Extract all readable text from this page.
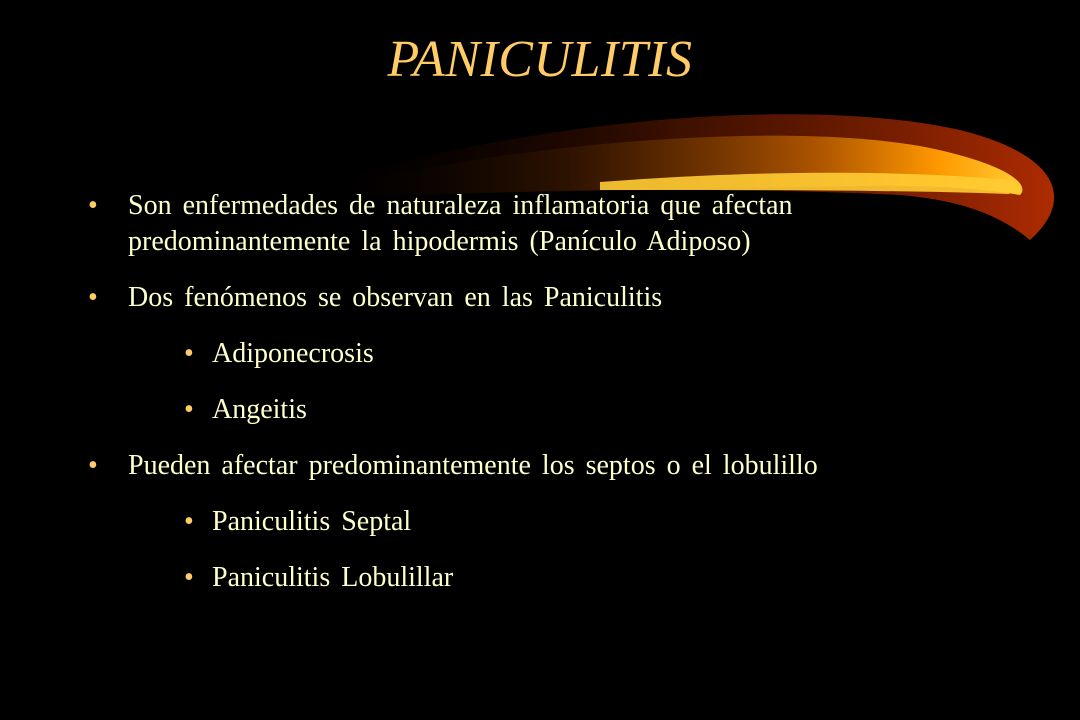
PANICULITIS
• Son enfermedades de naturaleza inflamatoria que afectan predominantemente la hipodermis (Panículo Adiposo)
• Dos fenómenos se observan en las Paniculitis
• Adiponecrosis
• Angeitis
• Pueden afectar predominantemente los septos o el lobulillo
• Paniculitis Septal
• Paniculitis Lobulillar
